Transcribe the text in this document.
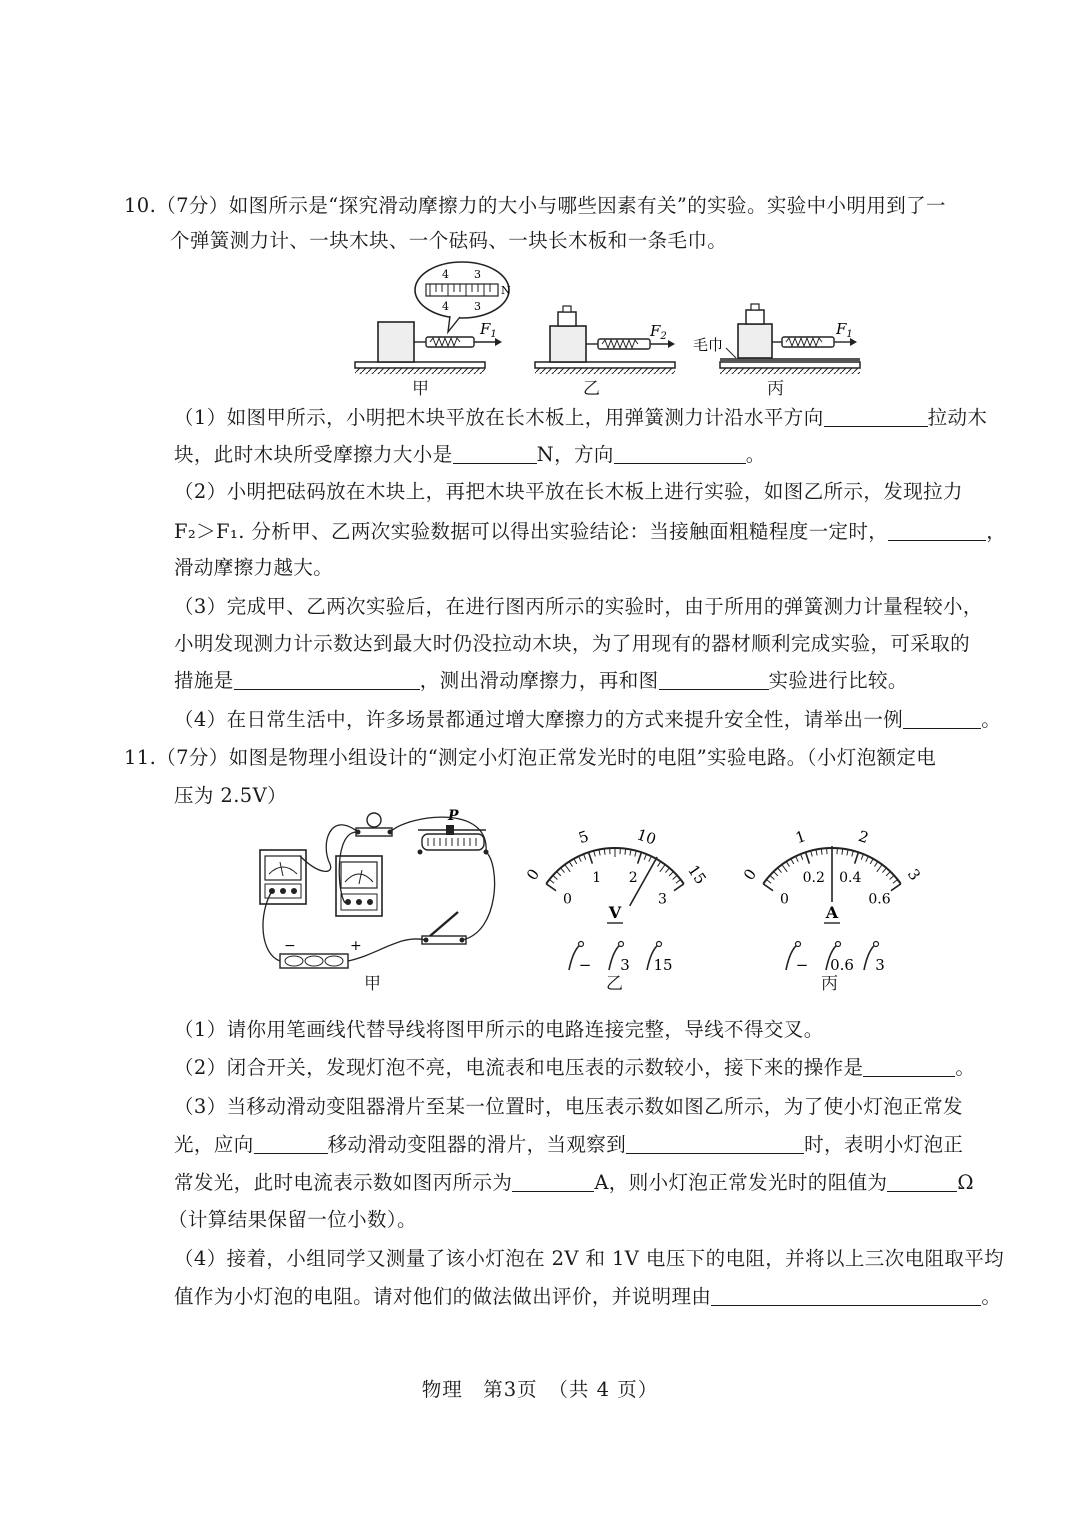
10.（7分）如图所示是“探究滑动摩擦力的大小与哪些因素有关”的实验。实验中小明用到了一
个弹簧测力计、一块木块、一个砝码、一块长木板和一条毛巾。
$F_1$
4 3
4 3
N
$F_2$	$F_1$
毛巾
甲	乙	丙
（1）如图甲所示，小明把木块平放在长木板上，用弹簧测力计沿水平方向	拉动木
块，此时木块所受摩擦力大小是	N，方向	。
（2）小明把砝码放在木块上，再把木块平放在长木板上进行实验，如图乙所示，发现拉力
F₂＞F₁. 分析甲、乙两次实验数据可以得出实验结论：当接触面粗糙程度一定时，	，
滑动摩擦力越大。
（3）完成甲、乙两次实验后，在进行图丙所示的实验时，由于所用的弹簧测力计量程较小，
小明发现测力计示数达到最大时仍没拉动木块，为了用现有的器材顺利完成实验，可采取的
措施是	，测出滑动摩擦力，再和图	实验进行比较。
（4）在日常生活中，许多场景都通过增大摩擦力的方式来提升安全性，请举出一例	。
11.（7分）如图是物理小组设计的“测定小灯泡正常发光时的电阻”实验电路。（小灯泡额定电
压为 2.5V）
P
−	+
0
5	10
15
0
1 2
3
V
− 3 15
0
1	2
3
0
0.2 0.4
0.6
A
− 0.6 3
甲	乙	丙
（1）请你用笔画线代替导线将图甲所示的电路连接完整，导线不得交叉。
（2）闭合开关，发现灯泡不亮，电流表和电压表的示数较小，接下来的操作是	。
（3）当移动滑动变阻器滑片至某一位置时，电压表示数如图乙所示，为了使小灯泡正常发
光，应向	移动滑动变阻器的滑片，当观察到	时，表明小灯泡正
常发光，此时电流表示数如图丙所示为	A，则小灯泡正常发光时的阻值为	Ω
（计算结果保留一位小数）。
（4）接着，小组同学又测量了该小灯泡在 2V 和 1V 电压下的电阻，并将以上三次电阻取平均
值作为小灯泡的电阻。请对他们的做法做出评价，并说明理由	。
物理　第3页　（共 4 页）
